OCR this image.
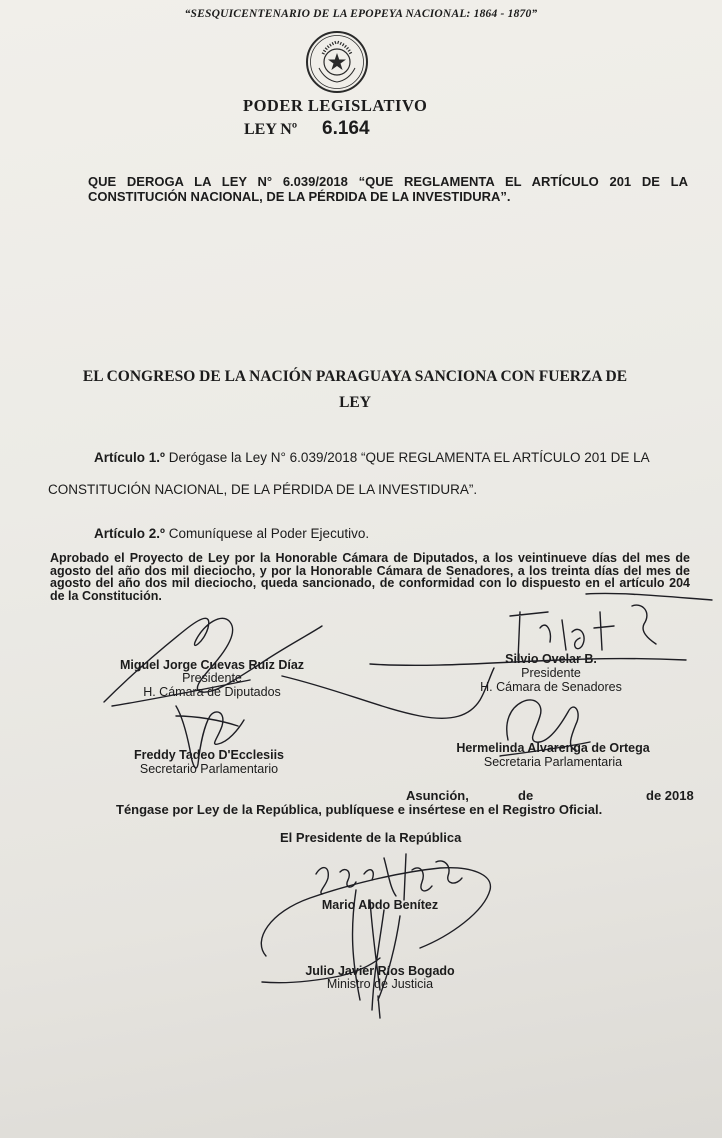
“SESQUICENTENARIO DE LA EPOPEYA NACIONAL: 1864 - 1870”
PODER LEGISLATIVO
LEY Nº 6.164
QUE DEROGA LA LEY N° 6.039/2018 “QUE REGLAMENTA EL ARTÍCULO 201 DE LA CONSTITUCIÓN NACIONAL, DE LA PÉRDIDA DE LA INVESTIDURA”.
EL CONGRESO DE LA NACIÓN PARAGUAYA SANCIONA CON FUERZA DE
LEY
Artículo 1.º Derógase la Ley N° 6.039/2018 “QUE REGLAMENTA EL ARTÍCULO 201 DE LA
CONSTITUCIÓN NACIONAL, DE LA PÉRDIDA DE LA INVESTIDURA”.
Artículo 2.º Comuníquese al Poder Ejecutivo.
Aprobado el Proyecto de Ley por la Honorable Cámara de Diputados, a los veintinueve días del mes de agosto del año dos mil dieciocho, y por la Honorable Cámara de Senadores, a los treinta días del mes de agosto del año dos mil dieciocho, queda sancionado, de conformidad con lo dispuesto en el artículo 204 de la Constitución.
Miguel Jorge Cuevas Ruiz Díaz
Presidente
H. Cámara de Diputados
Silvio Ovelar B.
Presidente
H. Cámara de Senadores
Freddy Tadeo D'Ecclesiis
Secretario Parlamentario
Hermelinda Alvarenga de Ortega
Secretaria Parlamentaria
Asunción,	de	de 2018
Téngase por Ley de la República, publíquese e insértese en el Registro Oficial.
El Presidente de la República
Mario Abdo Benítez
Julio Javier Ríos Bogado
Ministro de Justicia
